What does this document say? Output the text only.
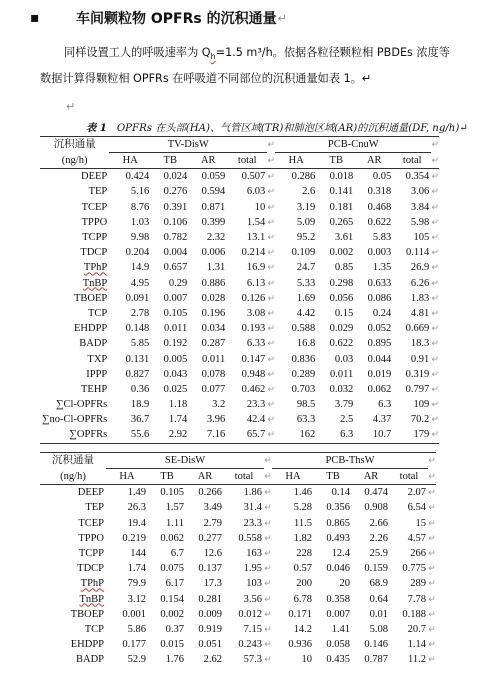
▪	车间颗粒物 OPFRs 的沉积通量 ↵
同样设置工人的呼吸速率为 $Q_h=1.5$ m³/h。依据各粒径颗粒相 PBDEs 浓度等
数据计算得颗粒相 OPFRs 在呼吸道不同部位的沉积通量如表 1。↵
↵
表 1 OPFRs 在头部(HA)、气管区域(TR)和肺泡区域(AR)的沉积通量(DF, ng/h)↵
沉积通量	TV-DisW				↵	PCB-CnuW				↵
(ng/h)	HA	TB	AR	total	↵	HA	TB	AR	total	↵
DEEP	0.424	0.024	0.059	0.507	↵	0.286	0.018	0.05	0.354	↵
TEP	5.16	0.276	0.594	6.03	↵	2.6	0.141	0.318	3.06	↵
TCEP	8.76	0.391	0.871	10	↵	3.19	0.181	0.468	3.84	↵
TPPO	1.03	0.106	0.399	1.54	↵	5.09	0.265	0.622	5.98	↵
TCPP	9.98	0.782	2.32	13.1	↵	95.2	3.61	5.83	105	↵
TDCP	0.204	0.004	0.006	0.214	↵	0.109	0.002	0.003	0.114	↵
TPhP	14.9	0.657	1.31	16.9	↵	24.7	0.85	1.35	26.9	↵
TnBP	4.95	0.29	0.886	6.13	↵	5.33	0.298	0.633	6.26	↵
TBOEP	0.091	0.007	0.028	0.126	↵	1.69	0.056	0.086	1.83	↵
TCP	2.78	0.105	0.196	3.08	↵	4.42	0.15	0.24	4.81	↵
EHDPP	0.148	0.011	0.034	0.193	↵	0.588	0.029	0.052	0.669	↵
BADP	5.85	0.192	0.287	6.33	↵	16.8	0.622	0.895	18.3	↵
TXP	0.131	0.005	0.011	0.147	↵	0.836	0.03	0.044	0.91	↵
IPPP	0.827	0.043	0.078	0.948	↵	0.289	0.011	0.019	0.319	↵
TEHP	0.36	0.025	0.077	0.462	↵	0.703	0.032	0.062	0.797	↵
∑Cl-OPFRs	18.9	1.18	3.2	23.3	↵	98.5	3.79	6.3	109	↵
∑no-Cl-OPFRs	36.7	1.74	3.96	42.4	↵	63.3	2.5	4.37	70.2	↵
∑OPFRs	55.6	2.92	7.16	65.7	↵	162	6.3	10.7	179	↵
沉积通量	SE-DisW				↵	PCB-ThsW				↵
(ng/h)	HA	TB	AR	total	↵	HA	TB	AR	total	↵
DEEP	1.49	0.105	0.266	1.86	↵	1.46	0.14	0.474	2.07	↵
TEP	26.3	1.57	3.49	31.4	↵	5.28	0.356	0.908	6.54	↵
TCEP	19.4	1.11	2.79	23.3	↵	11.5	0.865	2.66	15	↵
TPPO	0.219	0.062	0.277	0.558	↵	1.82	0.493	2.26	4.57	↵
TCPP	144	6.7	12.6	163	↵	228	12.4	25.9	266	↵
TDCP	1.74	0.075	0.137	1.95	↵	0.57	0.046	0.159	0.775	↵
TPhP	79.9	6.17	17.3	103	↵	200	20	68.9	289	↵
TnBP	3.12	0.154	0.281	3.56	↵	6.78	0.358	0.64	7.78	↵
TBOEP	0.001	0.002	0.009	0.012	↵	0.171	0.007	0.01	0.188	↵
TCP	5.86	0.37	0.919	7.15	↵	14.2	1.41	5.08	20.7	↵
EHDPP	0.177	0.015	0.051	0.243	↵	0.936	0.058	0.146	1.14	↵
BADP	52.9	1.76	2.62	57.3	↵	10	0.435	0.787	11.2	↵
